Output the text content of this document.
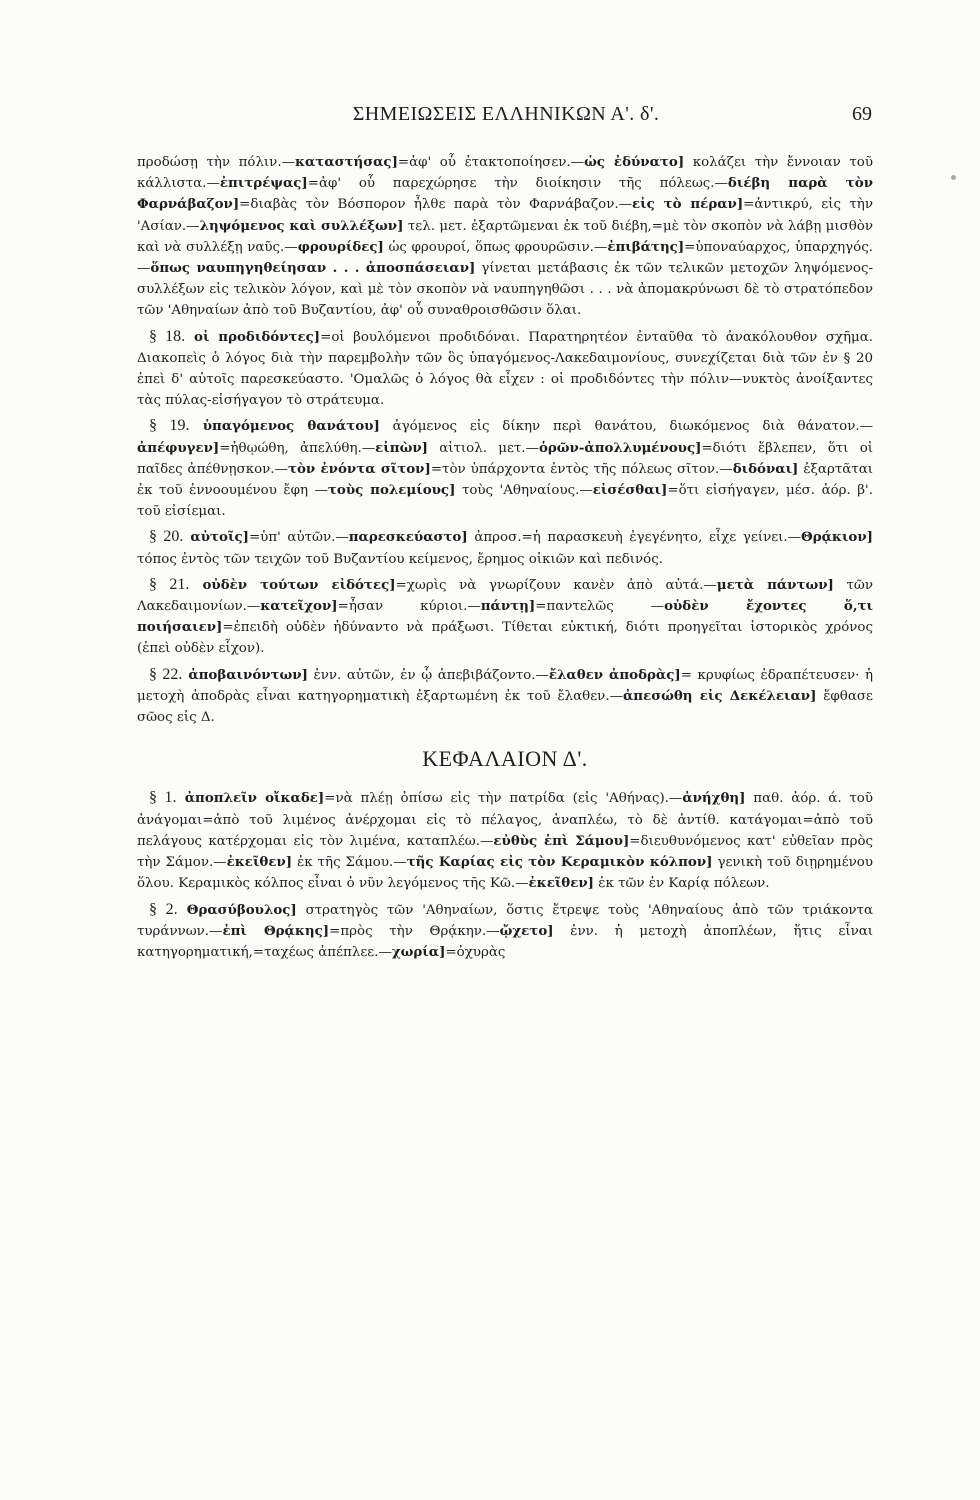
ΣΗΜΕΙΩΣΕΙΣ ΕΛΛΗΝΙΚΩΝ Α'. δ'.	69

προδώσῃ τὴν πόλιν.—καταστήσας]=ἀφ' οὗ ἐτακτοποίησεν.—ὡς ἐδύνατο] κολάζει τὴν ἔννοιαν τοῦ κάλλιστα.—ἐπιτρέψας]=ἀφ' οὗ παρεχώρησε τὴν διοίκησιν τῆς πόλεως.—διέβη παρὰ τὸν Φαρνάβαζον]=διαβὰς τὸν Βόσπορον ἦλθε παρὰ τὸν Φαρνάβαζον.—εἰς τὸ πέραν]=ἀντικρύ, εἰς τὴν 'Ασίαν.—ληψόμενος καὶ συλλέξων] τελ. μετ. ἐξαρτῶμεναι ἐκ τοῦ διέβη,=μὲ τὸν σκοπὸν νὰ λάβῃ μισθὸν καὶ νὰ συλλέξῃ ναῦς.—φρουρίδες] ὡς φρουροί, ὅπως φρουρῶσιν.—ἐπιβάτης]=ὑποναύαρχος, ὑπαρχηγός.—ὅπως ναυπηγηθείησαν . . . ἀποσπάσειαν] γίνεται μετάβασις ἐκ τῶν τελικῶν μετοχῶν ληψόμενος-συλλέξων εἰς τελικὸν λόγον, καὶ μὲ τὸν σκοπὸν νὰ ναυπηγηθῶσι . . . νὰ ἀπομακρύνωσι δὲ τὸ στρατόπεδον τῶν 'Αθηναίων ἀπὸ τοῦ Βυζαντίου, ἀφ' οὗ συναθροισθῶσιν ὅλαι.

§ 18. οἱ προδιδόντες]=οἱ βουλόμενοι προδιδόναι. Παρατηρητέον ἐνταῦθα τὸ ἀνακόλουθον σχῆμα. Διακοπεὶς ὁ λόγος διὰ τὴν παρεμβολὴν τῶν ὃς ὑπαγόμενος-Λακεδαιμονίους, συνεχίζεται διὰ τῶν ἐν § 20 ἐπεὶ δ' αὐτοῖς παρεσκεύαστο. 'Ομαλῶς ὁ λόγος θὰ εἶχεν : οἱ προδιδόντες τὴν πόλιν—νυκτὸς ἀνοίξαντες τὰς πύλας-εἰσήγαγον τὸ στράτευμα.

§ 19. ὑπαγόμενος θανάτου] ἀγόμενος εἰς δίκην περὶ θανάτου, διωκόμενος διὰ θάνατον.—ἀπέφυγεν]=ἠθῳώθη, ἀπελύθη.—εἰπὼν] αἰτιολ. μετ.—ὁρῶν-ἀπολλυμένους]=διότι ἔβλεπεν, ὅτι οἱ παῖδες ἀπέθνῃσκον.—τὸν ἐνόντα σῖτον]=τὸν ὑπάρχοντα ἐντὸς τῆς πόλεως σῖτον.—διδόναι] ἐξαρτᾶται ἐκ τοῦ ἐννοουμένου ἔφη —τοὺς πολεμίους] τοὺς 'Αθηναίους.—εἰσέσθαι]=ὅτι εἰσήγαγεν, μέσ. ἀόρ. β'. τοῦ εἰσίεμαι.

§ 20. αὐτοῖς]=ὑπ' αὐτῶν.—παρεσκεύαστο] ἀπροσ.=ἡ παρασκευὴ ἐγεγένητο, εἶχε γείνει.—Θρᾴκιον] τόπος ἐντὸς τῶν τειχῶν τοῦ Βυζαντίου κείμενος, ἔρημος οἰκιῶν καὶ πεδινός.

§ 21. οὐδὲν τούτων εἰδότες]=χωρὶς νὰ γνωρίζουν κανὲν ἀπὸ αὐτά.—μετὰ πάντων] τῶν Λακεδαιμονίων.—κατεῖχον]=ἦσαν κύριοι.—πάντῃ]=παντελῶς —οὐδὲν ἔχοντες ὅ,τι ποιήσαιεν]=ἐπειδὴ οὐδὲν ἠδύναντο νὰ πράξωσι. Τίθεται εὐκτική, διότι προηγεῖται ἱστορικὸς χρόνος (ἐπεὶ οὐδὲν εἶχον).

§ 22. ἀποβαινόντων] ἐνν. αὐτῶν, ἐν ᾧ ἀπεβιβάζοντο.—ἔλαθεν ἀποδρὰς]= κρυφίως ἐδραπέτευσεν· ἡ μετοχὴ ἀποδρὰς εἶναι κατηγορηματικὴ ἐξαρτωμένη ἐκ τοῦ ἔλαθεν.—ἀπεσώθη εἰς Δεκέλειαν] ἔφθασε σῶος εἰς Δ.

ΚΕΦΑΛΑΙΟΝ Δ'.

§ 1. ἀποπλεῖν οἴκαδε]=νὰ πλέῃ ὀπίσω εἰς τὴν πατρίδα (εἰς 'Αθήνας).—ἀνήχθη] παθ. ἀόρ. ά. τοῦ ἀνάγομαι=ἀπὸ τοῦ λιμένος ἀνέρχομαι εἰς τὸ πέλαγος, ἀναπλέω, τὸ δὲ ἀντίθ. κατάγομαι=ἀπὸ τοῦ πελάγους κατέρχομαι εἰς τὸν λιμένα, καταπλέω.—εὐθὺς ἐπὶ Σάμου]=διευθυνόμενος κατ' εὐθεῖαν πρὸς τὴν Σάμον.—ἐκεῖθεν] ἐκ τῆς Σάμου.—τῆς Καρίας εἰς τὸν Κεραμικὸν κόλπον] γενικὴ τοῦ διῃρημένου ὅλου. Κεραμικὸς κόλπος εἶναι ὁ νῦν λεγόμενος τῆς Κῶ.—ἐκεῖθεν] ἐκ τῶν ἐν Καρίᾳ πόλεων.

§ 2. Θρασύβουλος] στρατηγὸς τῶν 'Αθηναίων, ὅστις ἔτρεψε τοὺς 'Αθηναίους ἀπὸ τῶν τριάκοντα τυράννων.—ἐπὶ Θρᾴκης]=πρὸς τὴν Θρᾴκην.—ᾤχετο] ἐνν. ἡ μετοχὴ ἀποπλέων, ἥτις εἶναι κατηγορηματική,=ταχέως ἀπέπλεε.—χωρία]=ὀχυρὰς
